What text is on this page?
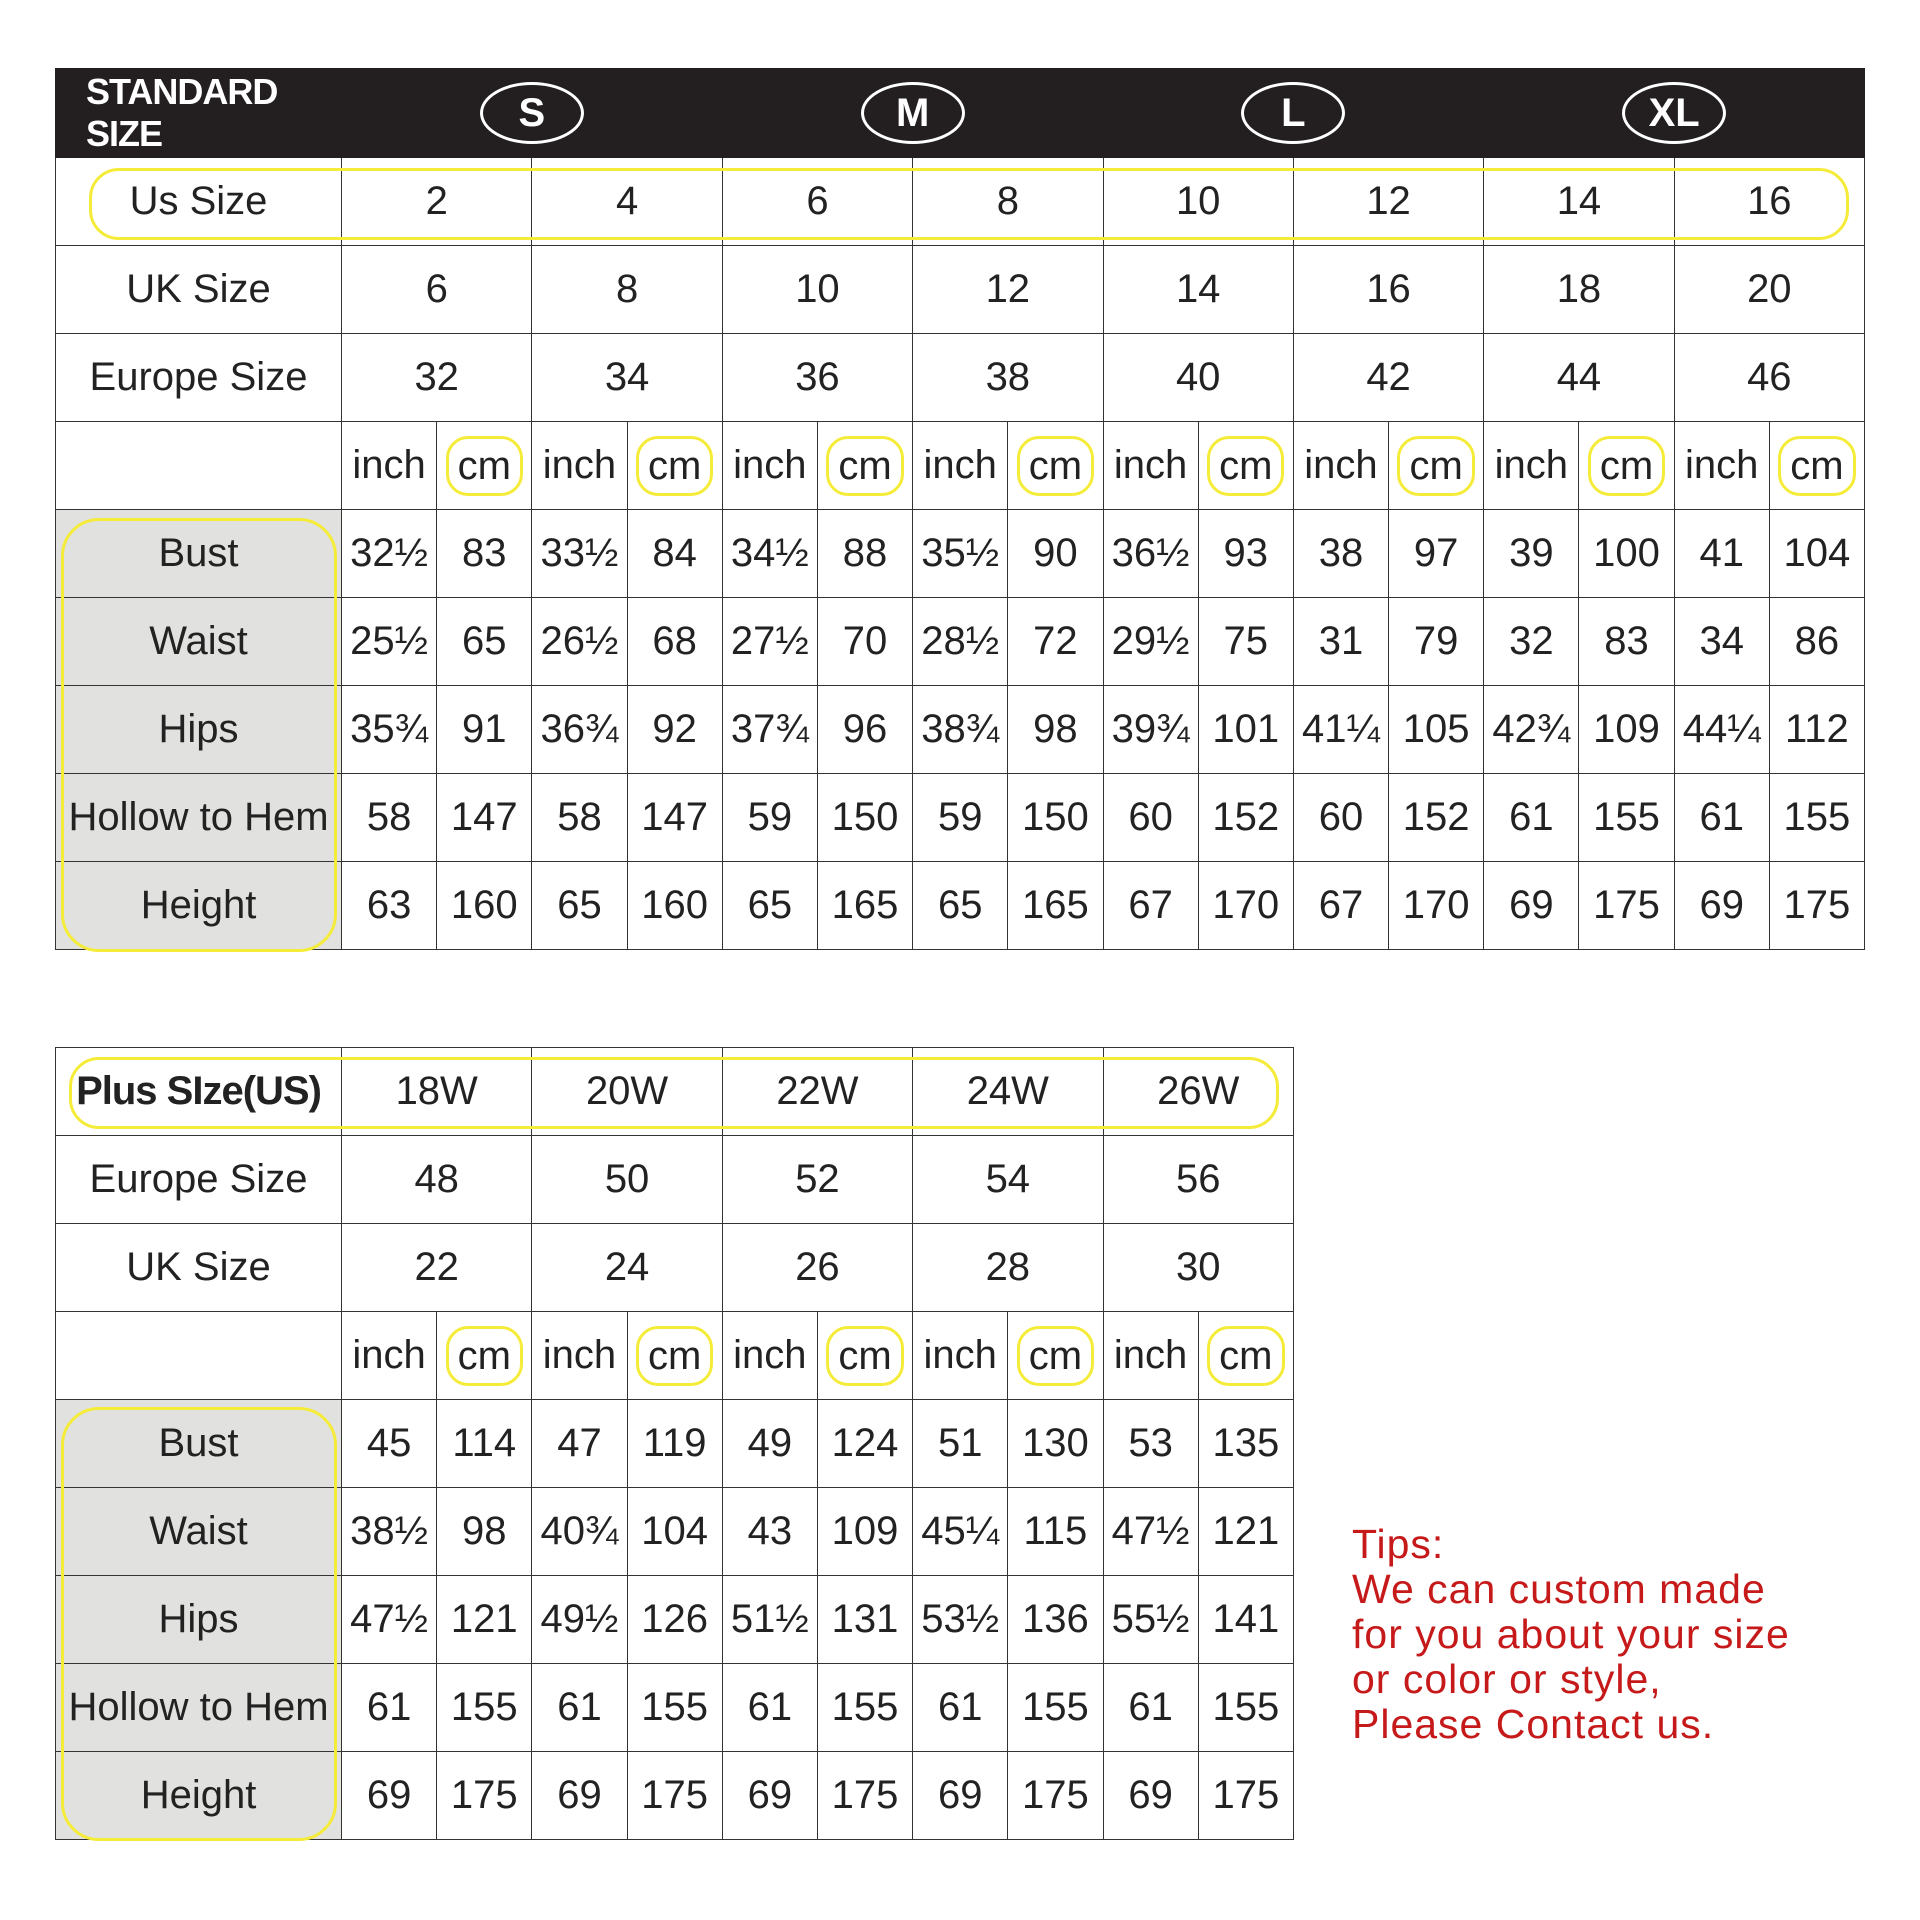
STANDARD SIZE	S				M				L				XL			
Us Size	2		4		6		8		10		12		14		16	
UK Size	6		8		10		12		14		16		18		20	
Europe Size	32		34		36		38		40		42		44		46	
	inch	cm	inch	cm	inch	cm	inch	cm	inch	cm	inch	cm	inch	cm	inch	cm
Bust	32½	83	33½	84	34½	88	35½	90	36½	93	38	97	39	100	41	104
Waist	25½	65	26½	68	27½	70	28½	72	29½	75	31	79	32	83	34	86
Hips	35¾	91	36¾	92	37¾	96	38¾	98	39¾	101	41¼	105	42¾	109	44¼	112
Hollow to Hem	58	147	58	147	59	150	59	150	60	152	60	152	61	155	61	155
Height	63	160	65	160	65	165	65	165	67	170	67	170	69	175	69	175
Plus SIze(US)	18W		20W		22W		24W		26W	
Europe Size	48		50		52		54		56	
UK Size	22		24		26		28		30	
	inch	cm	inch	cm	inch	cm	inch	cm	inch	cm
Bust	45	114	47	119	49	124	51	130	53	135
Waist	38½	98	40¾	104	43	109	45¼	115	47½	121
Hips	47½	121	49½	126	51½	131	53½	136	55½	141
Hollow to Hem	61	155	61	155	61	155	61	155	61	155
Height	69	175	69	175	69	175	69	175	69	175
Tips:
We can custom made
for you about your size
or color or style,
Please Contact us.
